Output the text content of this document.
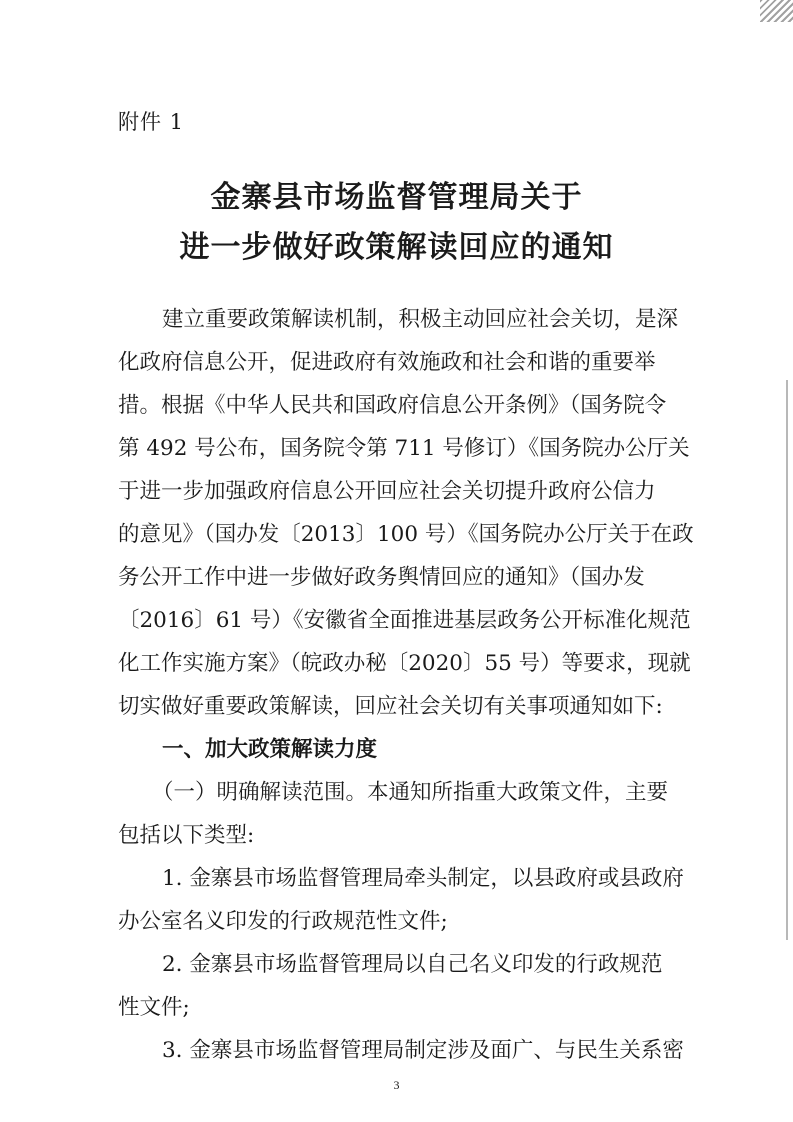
附件 1
金寨县市场监督管理局关于
进一步做好政策解读回应的通知
建立重要政策解读机制，积极主动回应社会关切，是深
化政府信息公开，促进政府有效施政和社会和谐的重要举
措。根据《中华人民共和国政府信息公开条例》（国务院令
第 492 号公布，国务院令第 711 号修订）《国务院办公厅关
于进一步加强政府信息公开回应社会关切提升政府公信力
的意见》（国办发〔2013〕100 号）《国务院办公厅关于在政
务公开工作中进一步做好政务舆情回应的通知》（国办发
〔2016〕61 号）《安徽省全面推进基层政务公开标准化规范
化工作实施方案》（皖政办秘〔2020〕55 号）等要求，现就
切实做好重要政策解读，回应社会关切有关事项通知如下:
一、加大政策解读力度
（一）明确解读范围。本通知所指重大政策文件，主要
包括以下类型:
1. 金寨县市场监督管理局牵头制定，以县政府或县政府
办公室名义印发的行政规范性文件;
2. 金寨县市场监督管理局以自己名义印发的行政规范
性文件;
3. 金寨县市场监督管理局制定涉及面广、与民生关系密
3
